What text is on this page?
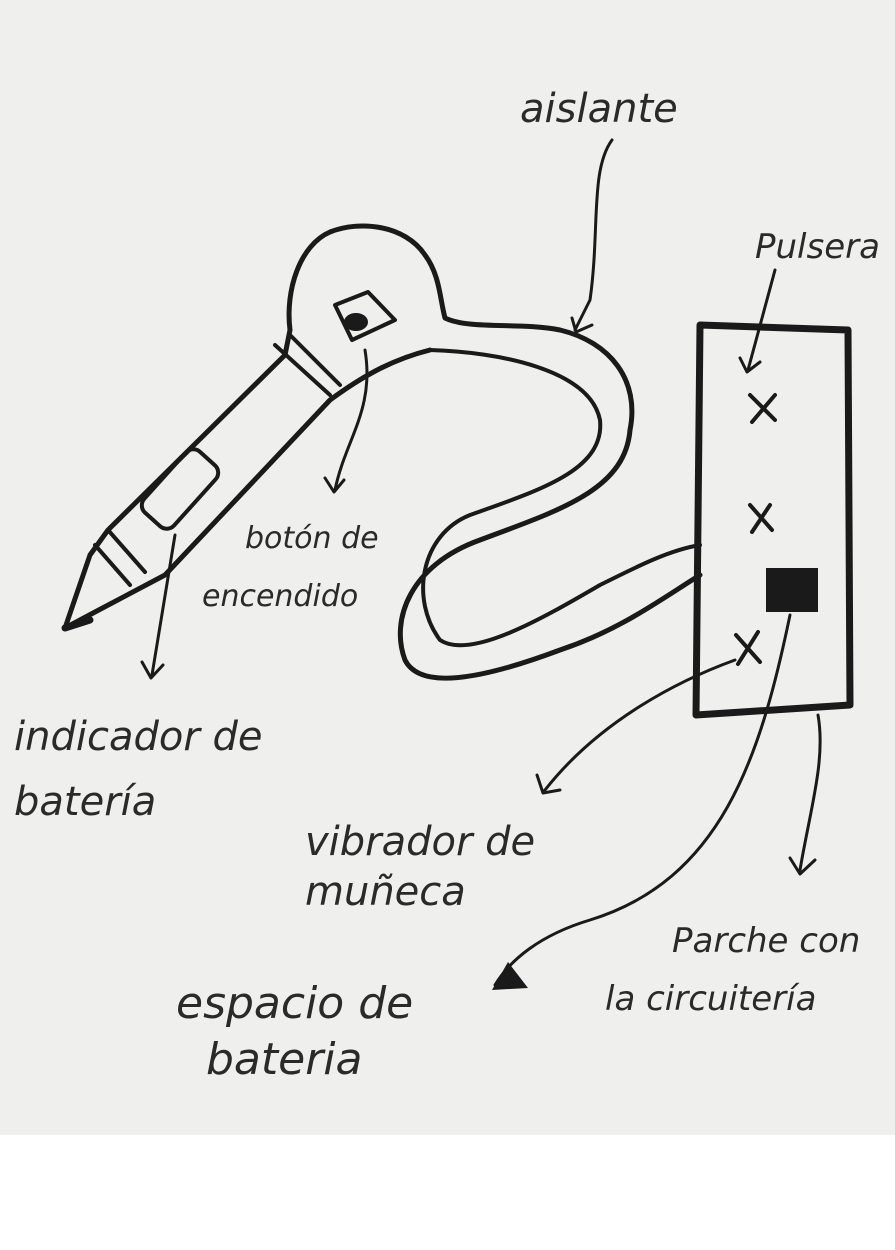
aislante
Pulsera
botón de
encendido
indicador de
batería
vibrador de
muñeca
Parche con
la circuitería
espacio de
bateria
